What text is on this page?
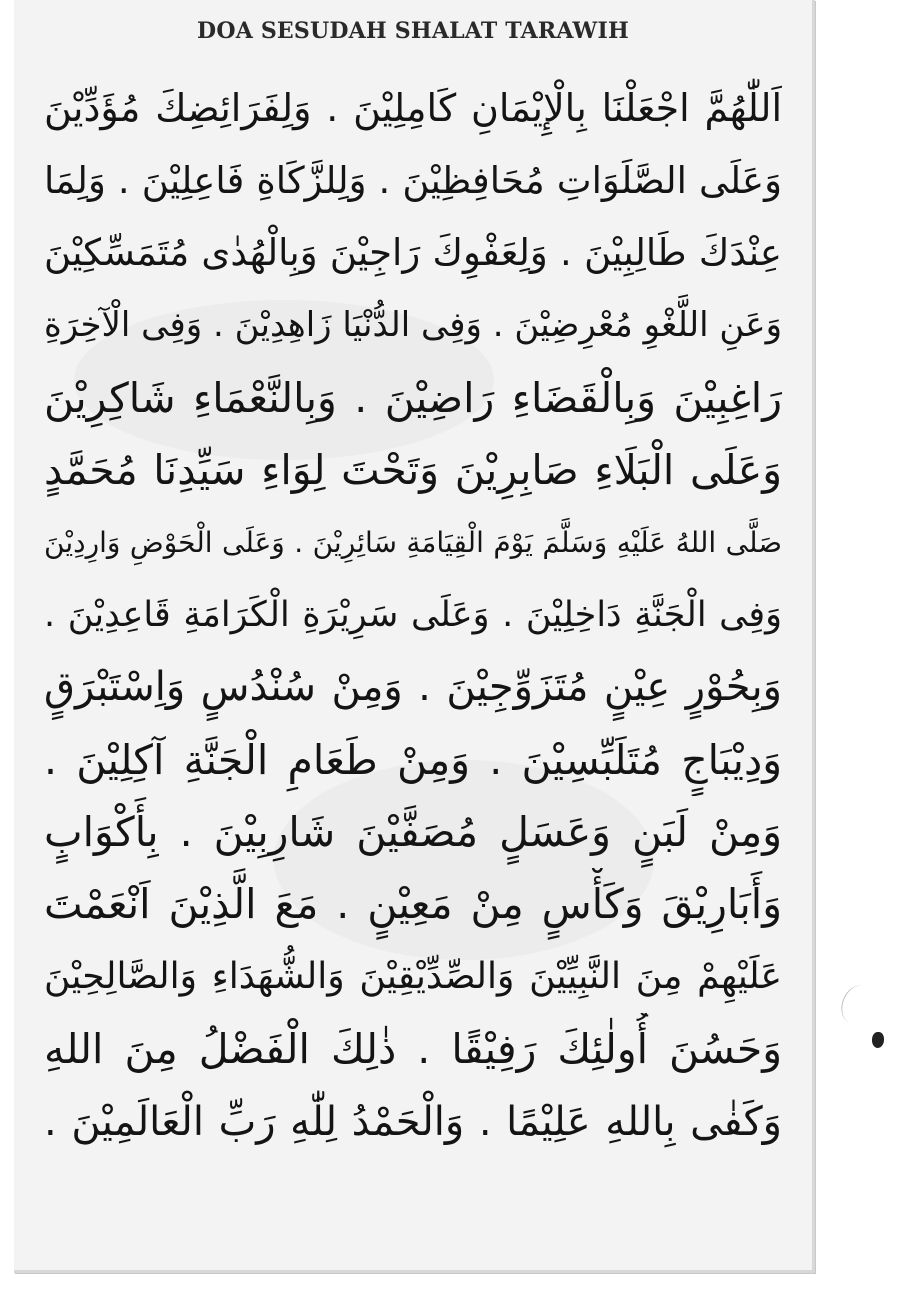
DOA SESUDAH SHALAT TARAWIH
اَللّٰهُمَّ اجْعَلْنَا بِالْإِيْمَانِ كَامِلِيْنَ . وَلِفَرَائِضِكَ مُؤَدِّيْنَ
وَعَلَى الصَّلَوَاتِ مُحَافِظِيْنَ . وَلِلزَّكَاةِ فَاعِلِيْنَ . وَلِمَا
عِنْدَكَ طَالِبِيْنَ . وَلِعَفْوِكَ رَاجِيْنَ وَبِالْهُدٰى مُتَمَسِّكِيْنَ
وَعَنِ اللَّغْوِ مُعْرِضِيْنَ . وَفِى الدُّنْيَا زَاهِدِيْنَ . وَفِى الْآخِرَةِ
رَاغِبِيْنَ وَبِالْقَضَاءِ رَاضِيْنَ . وَبِالنَّعْمَاءِ شَاكِرِيْنَ
وَعَلَى الْبَلَاءِ صَابِرِيْنَ وَتَحْتَ لِوَاءِ سَيِّدِنَا مُحَمَّدٍ
صَلَّى اللهُ عَلَيْهِ وَسَلَّمَ يَوْمَ الْقِيَامَةِ سَائِرِيْنَ . وَعَلَى الْحَوْضِ وَارِدِيْنَ
وَفِى الْجَنَّةِ دَاخِلِيْنَ . وَعَلَى سَرِيْرَةِ الْكَرَامَةِ قَاعِدِيْنَ .
وَبِحُوْرٍ عِيْنٍ مُتَزَوِّجِيْنَ . وَمِنْ سُنْدُسٍ وَاِسْتَبْرَقٍ
وَدِيْبَاجٍ مُتَلَبِّسِيْنَ . وَمِنْ طَعَامِ الْجَنَّةِ آكِلِيْنَ .
وَمِنْ لَبَنٍ وَعَسَلٍ مُصَفَّيْنَ شَارِبِيْنَ . بِأَكْوَابٍ
وَأَبَارِيْقَ وَكَأْسٍ مِنْ مَعِيْنٍ . مَعَ الَّذِيْنَ اَنْعَمْتَ
عَلَيْهِمْ مِنَ النَّبِيِّيْنَ وَالصِّدِّيْقِيْنَ وَالشُّهَدَاءِ وَالصَّالِحِيْنَ
وَحَسُنَ أُولٰئِكَ رَفِيْقًا . ذٰلِكَ الْفَضْلُ مِنَ اللهِ
وَكَفٰى بِاللهِ عَلِيْمًا . وَالْحَمْدُ لِلّٰهِ رَبِّ الْعَالَمِيْنَ .
